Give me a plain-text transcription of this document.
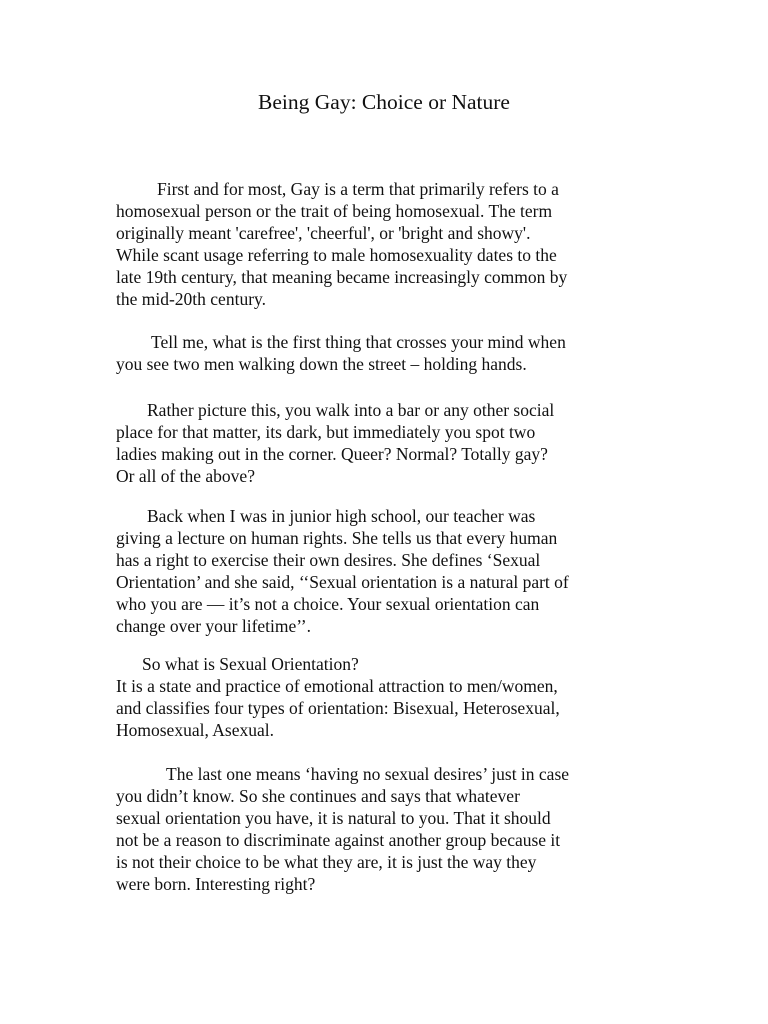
Being Gay: Choice or Nature

First and for most, Gay is a term that primarily refers to a
homosexual person or the trait of being homosexual. The term
originally meant 'carefree', 'cheerful', or 'bright and showy'.
While scant usage referring to male homosexuality dates to the
late 19th century, that meaning became increasingly common by
the mid-20th century.

Tell me, what is the first thing that crosses your mind when
you see two men walking down the street – holding hands.

Rather picture this, you walk into a bar or any other social
place for that matter, its dark, but immediately you spot two
ladies making out in the corner. Queer? Normal? Totally gay?
Or all of the above?

Back when I was in junior high school, our teacher was
giving a lecture on human rights. She tells us that every human
has a right to exercise their own desires. She defines ‘Sexual
Orientation’ and she said, ‘‘Sexual orientation is a natural part of
who you are — it’s not a choice. Your sexual orientation can
change over your lifetime’’.

So what is Sexual Orientation?
It is a state and practice of emotional attraction to men/women,
and classifies four types of orientation: Bisexual, Heterosexual,
Homosexual, Asexual.

The last one means ‘having no sexual desires’ just in case
you didn’t know. So she continues and says that whatever
sexual orientation you have, it is natural to you. That it should
not be a reason to discriminate against another group because it
is not their choice to be what they are, it is just the way they
were born. Interesting right?
